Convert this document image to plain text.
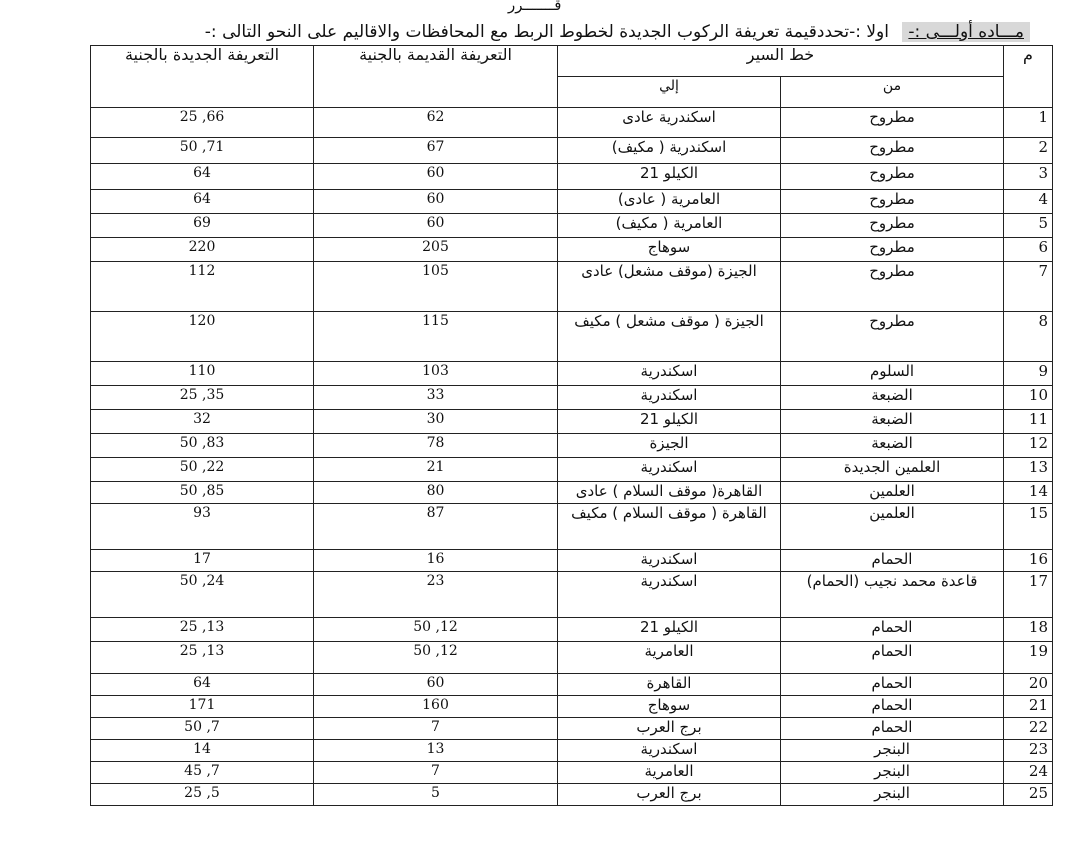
قـــــــرر
مـــاده أولـــى :- اولا :-تحددقيمة تعريفة الركوب الجديدة لخطوط الربط مع المحافظات والاقاليم على النحو التالى :-
م	خط السير		التعريفة القديمة بالجنية	التعريفة الجديدة بالجنية
	من	إلي		
1	مطروح	اسكندرية عادى	62	66, 25
2	مطروح	اسكندرية ( مكيف)	67	71, 50
3	مطروح	الكيلو 21	60	64
4	مطروح	العامرية ( عادى)	60	64
5	مطروح	العامرية ( مكيف)	60	69
6	مطروح	سوهاج	205	220
7	مطروح	الجيزة (موقف مشعل) عادى	105	112
8	مطروح	الجيزة ( موقف مشعل ) مكيف	115	120
9	السلوم	اسكندرية	103	110
10	الضبعة	اسكندرية	33	35, 25
11	الضبعة	الكيلو 21	30	32
12	الضبعة	الجيزة	78	83, 50
13	العلمين الجديدة	اسكندرية	21	22, 50
14	العلمين	القاهرة( موقف السلام ) عادى	80	85, 50
15	العلمين	القاهرة ( موقف السلام ) مكيف	87	93
16	الحمام	اسكندرية	16	17
17	قاعدة محمد نجيب (الحمام)	اسكندرية	23	24, 50
18	الحمام	الكيلو 21	12, 50	13, 25
19	الحمام	العامرية	12, 50	13, 25
20	الحمام	القاهرة	60	64
21	الحمام	سوهاج	160	171
22	الحمام	برج العرب	7	7, 50
23	البنجر	اسكندرية	13	14
24	البنجر	العامرية	7	7, 45
25	البنجر	برج العرب	5	5, 25
